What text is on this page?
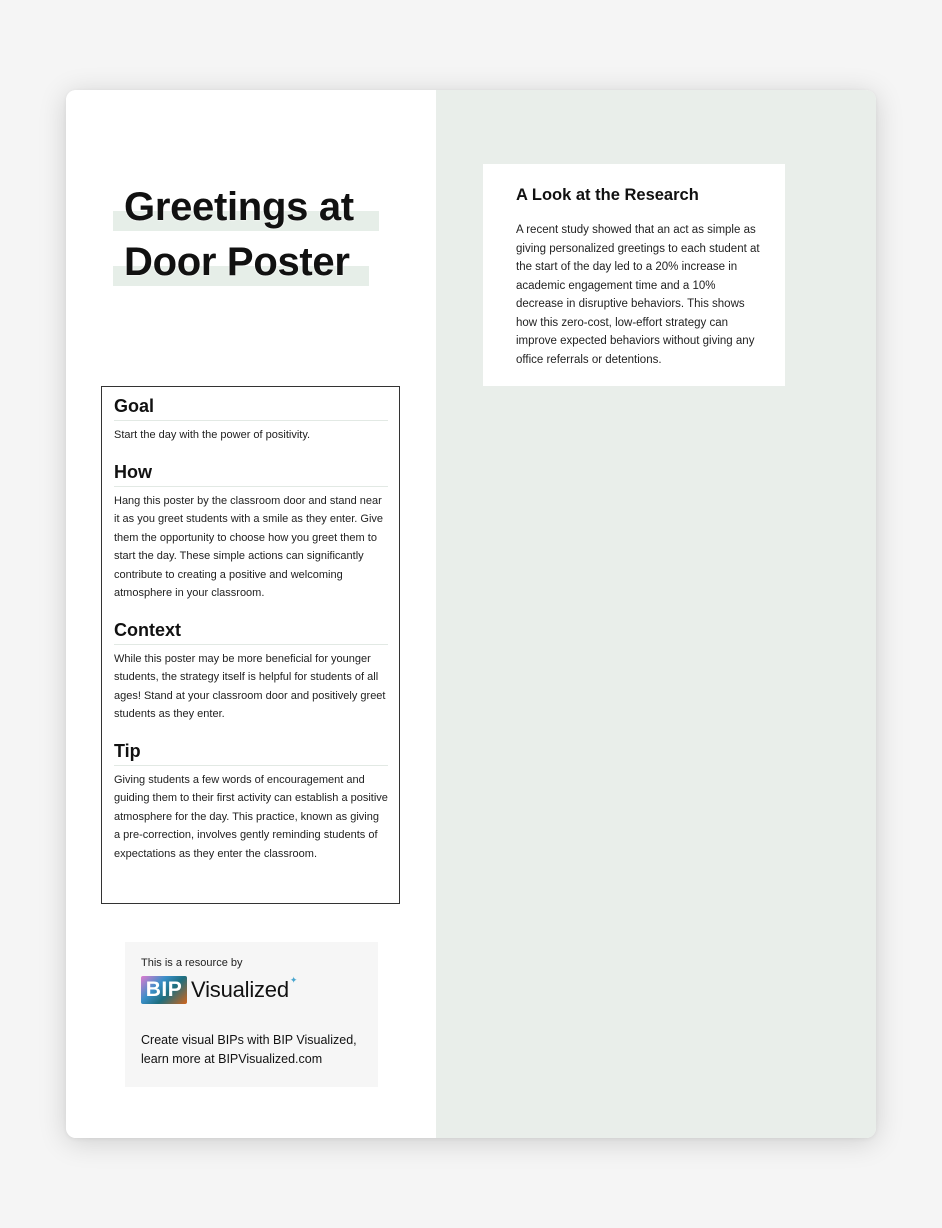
Greetings at
Door Poster
Goal

Start the day with the power of positivity.

How

Hang this poster by the classroom door and stand near it as you greet students with a smile as they enter. Give them the opportunity to choose how you greet them to start the day. These simple actions can significantly contribute to creating a positive and welcoming atmosphere in your classroom.

Context

While this poster may be more beneficial for younger students, the strategy itself is helpful for students of all ages! Stand at your classroom door and positively greet students as they enter.

Tip

Giving students a few words of encouragement and guiding them to their first activity can establish a positive atmosphere for the day. This practice, known as giving a pre-correction, involves gently reminding students of expectations as they enter the classroom.

This is a resource by

BIP Visualized ✦

Create visual BIPs with BIP Visualized, learn more at BIPVisualized.com

A Look at the Research

A recent study showed that an act as simple as giving personalized greetings to each student at the start of the day led to a 20% increase in academic engagement time and a 10% decrease in disruptive behaviors. This shows how this zero-cost, low-effort strategy can improve expected behaviors without giving any office referrals or detentions.
